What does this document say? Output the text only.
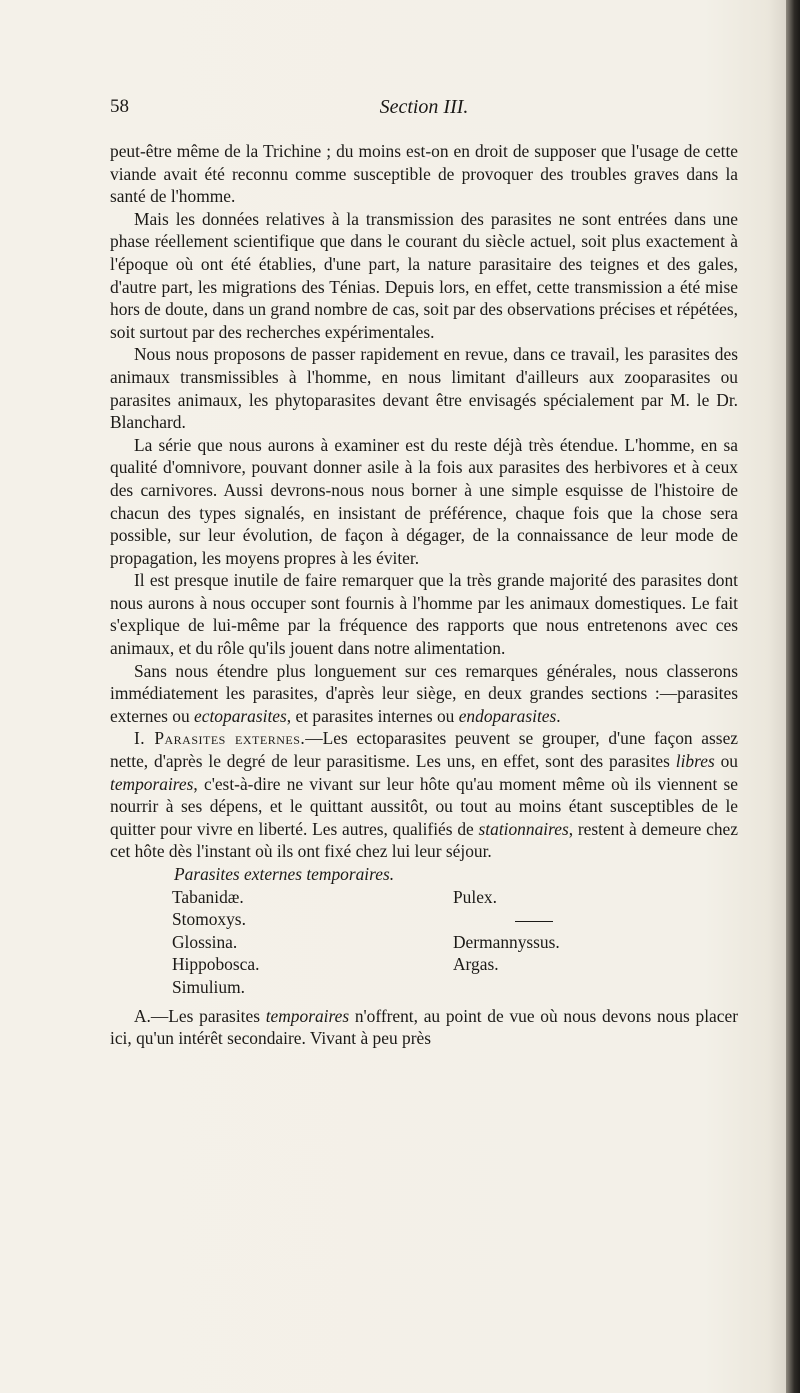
58	Section III.

peut-être même de la Trichine ; du moins est-on en droit de supposer que l'usage de cette viande avait été reconnu comme susceptible de provoquer des troubles graves dans la santé de l'homme.

Mais les données relatives à la transmission des parasites ne sont entrées dans une phase réellement scientifique que dans le courant du siècle actuel, soit plus exactement à l'époque où ont été établies, d'une part, la nature parasitaire des teignes et des gales, d'autre part, les migrations des Ténias. Depuis lors, en effet, cette transmission a été mise hors de doute, dans un grand nombre de cas, soit par des observations précises et répétées, soit surtout par des recherches expérimentales.

Nous nous proposons de passer rapidement en revue, dans ce travail, les parasites des animaux transmissibles à l'homme, en nous limitant d'ailleurs aux zooparasites ou parasites animaux, les phytoparasites devant être envisagés spécialement par M. le Dr. Blanchard.

La série que nous aurons à examiner est du reste déjà très étendue. L'homme, en sa qualité d'omnivore, pouvant donner asile à la fois aux parasites des herbivores et à ceux des carnivores. Aussi devrons-nous nous borner à une simple esquisse de l'histoire de chacun des types signalés, en insistant de préférence, chaque fois que la chose sera possible, sur leur évolution, de façon à dégager, de la connaissance de leur mode de propagation, les moyens propres à les éviter.

Il est presque inutile de faire remarquer que la très grande majorité des parasites dont nous aurons à nous occuper sont fournis à l'homme par les animaux domestiques. Le fait s'explique de lui-même par la fréquence des rapports que nous entretenons avec ces animaux, et du rôle qu'ils jouent dans notre alimentation.

Sans nous étendre plus longuement sur ces remarques générales, nous classerons immédiatement les parasites, d'après leur siège, en deux grandes sections :—parasites externes ou ectoparasites, et parasites internes ou endoparasites.

I. Parasites externes.—Les ectoparasites peuvent se grouper, d'une façon assez nette, d'après le degré de leur parasitisme. Les uns, en effet, sont des parasites libres ou temporaires, c'est-à-dire ne vivant sur leur hôte qu'au moment même où ils viennent se nourrir à ses dépens, et le quittant aussitôt, ou tout au moins étant susceptibles de le quitter pour vivre en liberté. Les autres, qualifiés de stationnaires, restent à demeure chez cet hôte dès l'instant où ils ont fixé chez lui leur séjour.

Parasites externes temporaires.

Tabanidæ.
Stomoxys.
Glossina.
Hippobosca.
Simulium.
Pulex.
Dermannyssus.
Argas.

A.—Les parasites temporaires n'offrent, au point de vue où nous devons nous placer ici, qu'un intérêt secondaire. Vivant à peu près
